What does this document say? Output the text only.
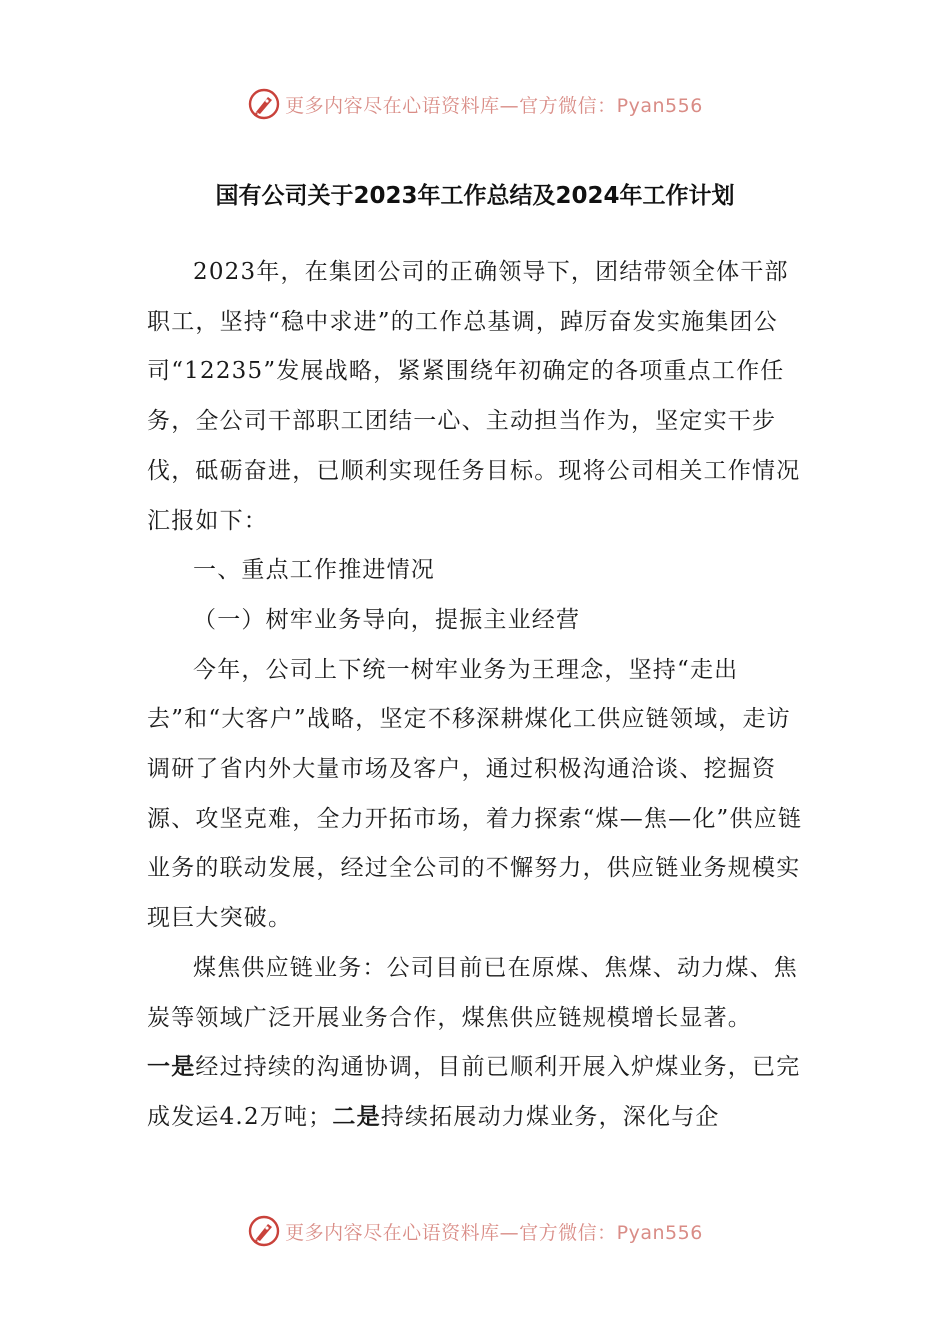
更多内容尽在心语资料库—官方微信：Pyan556
国有公司关于2023年工作总结及2024年工作计划

2023年，在集团公司的正确领导下，团结带领全体干部职工，坚持“稳中求进”的工作总基调，踔厉奋发实施集团公司“12235”发展战略，紧紧围绕年初确定的各项重点工作任务，全公司干部职工团结一心、主动担当作为，坚定实干步伐，砥砺奋进，已顺利实现任务目标。现将公司相关工作情况汇报如下：

一、重点工作推进情况

（一）树牢业务导向，提振主业经营

今年，公司上下统一树牢业务为王理念，坚持“走出去”和“大客户”战略，坚定不移深耕煤化工供应链领域，走访调研了省内外大量市场及客户，通过积极沟通洽谈、挖掘资源、攻坚克难，全力开拓市场，着力探索“煤—焦—化”供应链业务的联动发展，经过全公司的不懈努力，供应链业务规模实现巨大突破。

煤焦供应链业务：公司目前已在原煤、焦煤、动力煤、焦炭等领域广泛开展业务合作，煤焦供应链规模增长显著。

一是经过持续的沟通协调，目前已顺利开展入炉煤业务，已完成发运4.2万吨；二是持续拓展动力煤业务，深化与企

更多内容尽在心语资料库—官方微信：Pyan556
